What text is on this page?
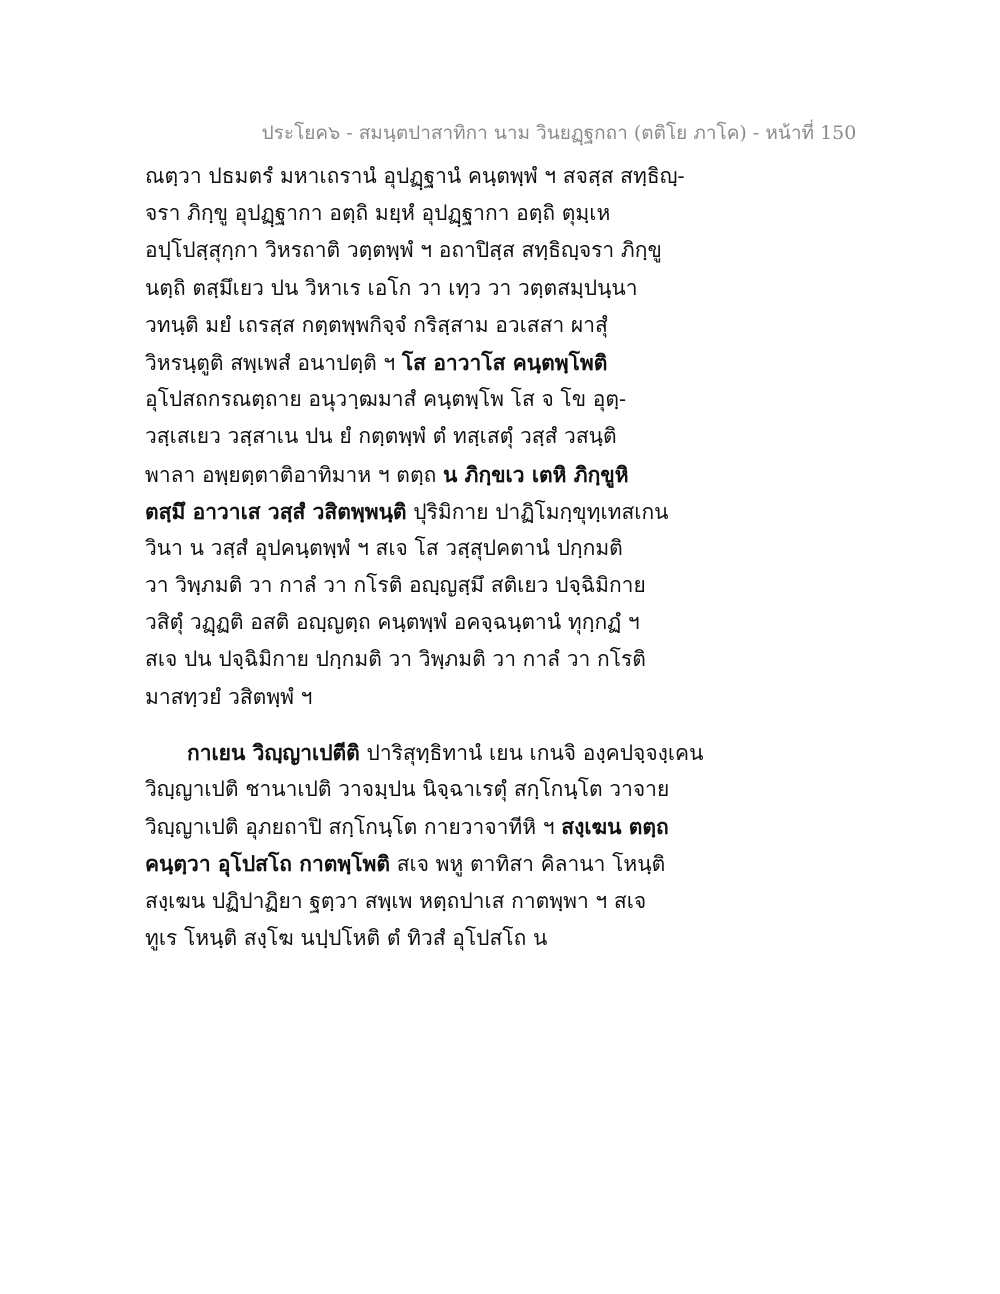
ประโยค๖ - สมนฺตปาสาทิกา นาม วินยฏฺฐกถา (ตติโย ภาโค) - หน้าที่ 150
ณตฺวา ปธมตรํ มหาเถรานํ อุปฏฺฐานํ คนฺตพฺพํ ฯ สจสฺส สทฺธิญฺ-
จรา ภิกฺขู อุปฏฺฐากา อตฺถิ มยฺหํ อุปฏฺฐากา อตฺถิ ตุมฺเห
อปฺโปสฺสุกฺกา วิหรถาติ วตฺตพฺพํ ฯ อถาปิสฺส สทฺธิญฺจรา ภิกฺขู
นตฺถิ ตสฺมึเยว ปน วิหาเร เอโก วา เทฺว วา วตฺตสมฺปนฺนา
วทนฺติ มยํ เถรสฺส กตฺตพฺพกิจฺจํ กริสฺสาม อวเสสา ผาสุํ
วิหรนฺตูติ สพฺเพสํ อนาปตฺติ ฯ โส อาวาโส คนฺตพฺโพติ
อุโปสถกรณตฺถาย อนุวาฺฒมาสํ คนฺตพฺโพ โส จ โข อุตฺ-
วสฺเสเยว วสฺสาเน ปน ยํ กตฺตพฺพํ ตํ ทสฺเสตุํ วสฺสํ วสนฺติ
พาลา อพฺยตฺตาติอาทิมาห ฯ ตตฺถ น ภิกฺขเว เตหิ ภิกฺขูหิ
ตสฺมึ อาวาเส วสฺสํ วสิตพฺพนฺติ ปุริมิกาย ปาฏิโมกฺขุทฺเทสเกน
วินา น วสฺสํ อุปคนฺตพฺพํ ฯ สเจ โส วสฺสุปคตานํ ปกฺกมติ
วา วิพฺภมติ วา กาลํ วา กโรติ อญฺญสฺมึ สติเยว ปจฺฉิมิกาย
วสิตุํ วฏฺฏติ อสติ อญฺญตฺถ คนฺตพฺพํ อคจฺฉนฺตานํ ทุกฺกฏํ ฯ
สเจ ปน ปจฺฉิมิกาย ปกฺกมติ วา วิพฺภมติ วา กาลํ วา กโรติ
มาสทฺวยํ วสิตพฺพํ ฯ
กาเยน วิญฺญาเปตีติ ปาริสุทฺธิทานํ เยน เกนจิ องฺคปจฺจงฺเคน
วิญฺญาเปติ ชานาเปติ วาจมฺปน นิจฺฉาเรตุํ สกฺโกนฺโต วาจาย
วิญฺญาเปติ อุภยถาปิ สกฺโกนฺโต กายวาจาทีหิ ฯ สงฺเฆน ตตฺถ
คนฺตฺวา อุโปสโถ กาตพฺโพติ สเจ พหู ตาทิสา คิลานา โหนฺติ
สงฺเฆน ปฏิปาฏิยา ฐตฺวา สพฺเพ หตฺถปาเส กาตพฺพา ฯ สเจ
ทูเร โหนฺติ สงฺโฆ นปฺปโหติ ตํ ทิวสํ อุโปสโถ น
